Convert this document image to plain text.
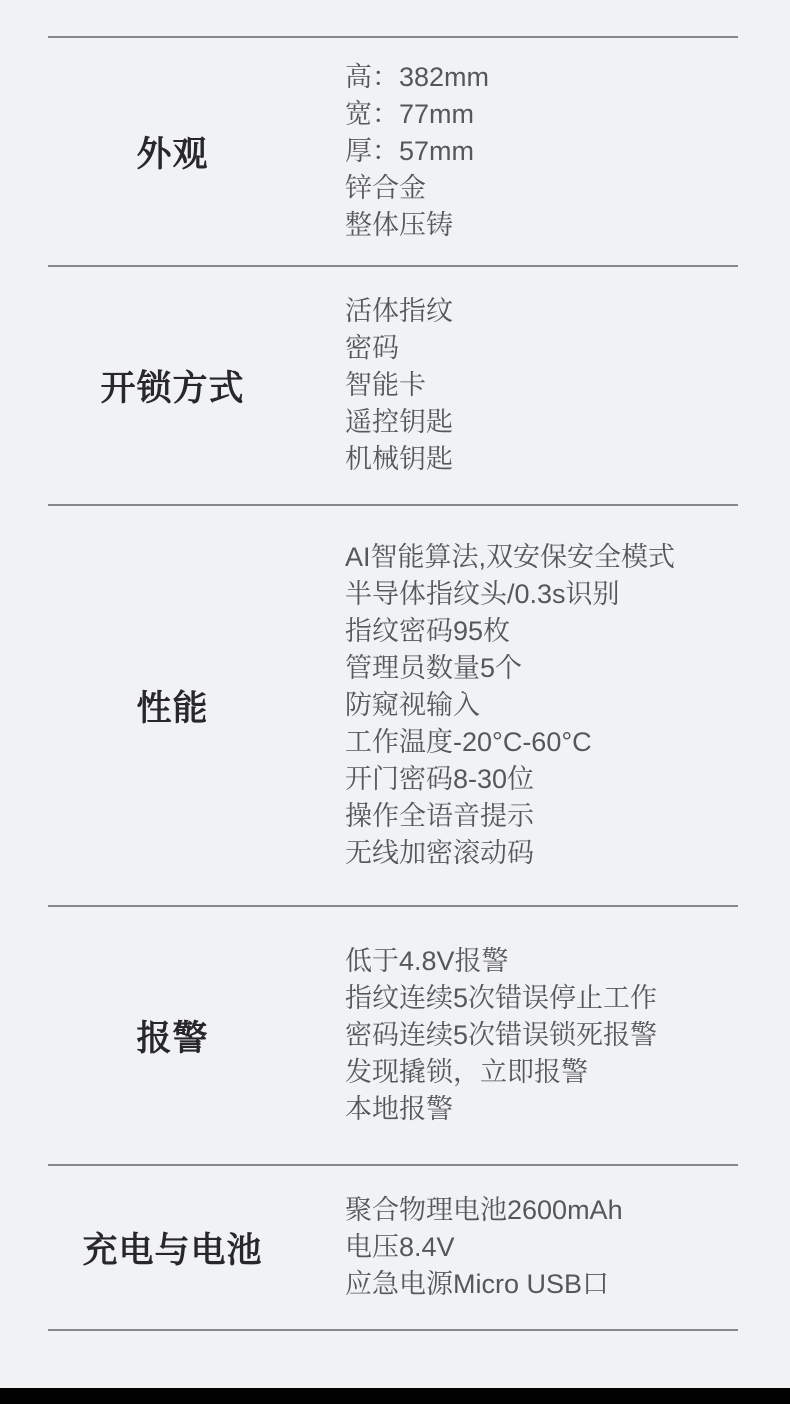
外观

高：382mm

宽：77mm

厚：57mm

锌合金

整体压铸

开锁方式

活体指纹

密码

智能卡

遥控钥匙

机械钥匙

性能

AI智能算法,双安保安全模式

半导体指纹头/0.3s识别

指纹密码95枚

管理员数量5个

防窥视输入

工作温度-20°C-60°C

开门密码8-30位

操作全语音提示

无线加密滚动码

报警

低于4.8V报警

指纹连续5次错误停止工作

密码连续5次错误锁死报警

发现撬锁，立即报警

本地报警

充电与电池

聚合物理电池2600mAh

电压8.4V

应急电源Micro USB口
